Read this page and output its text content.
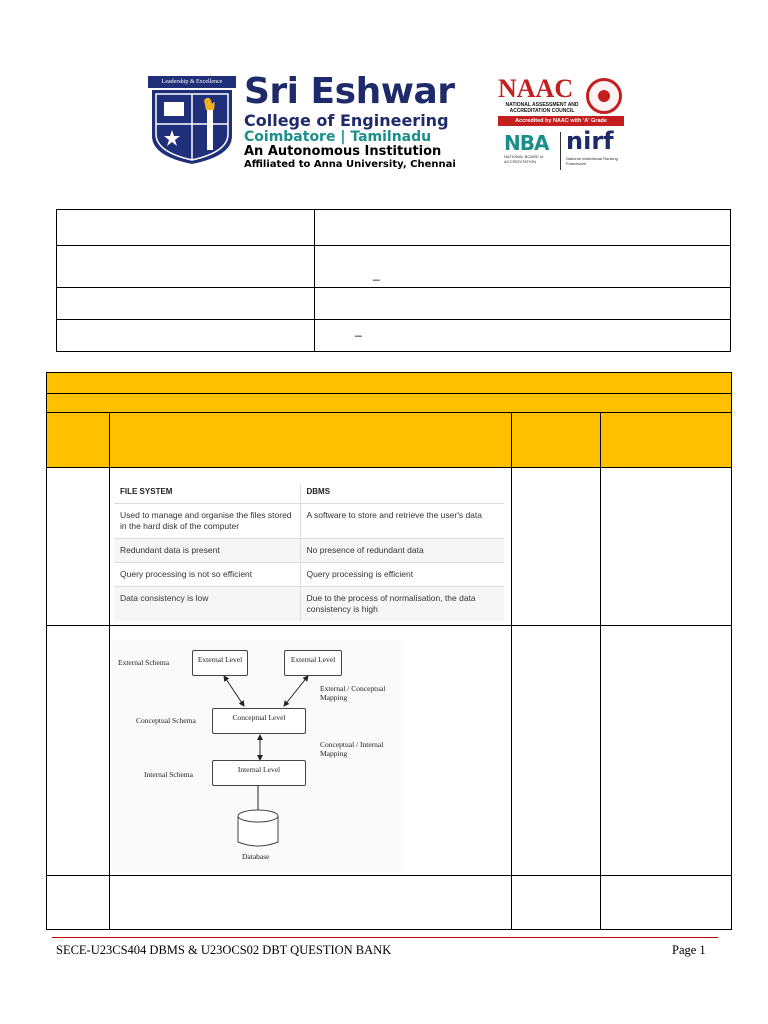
Leadership & Excellence Sri Eshwar
College of Engineering
Coimbatore | Tamilnadu
An Autonomous Institution
Affiliated to Anna University, Chennai
NAAC
NATIONAL ASSESSMENT AND ACCREDITATION COUNCIL
Accredited by NAAC with 'A' Grade
NBA
NATIONAL BOARD of ACCREDITATION
nirf
National Institutional Ranking Framework

	_

	_

FILE SYSTEM	DBMS
Used to manage and organise the files stored in the hard disk of the computer	A software to store and retrieve the user's data
Redundant data is present	No presence of redundant data
Query processing is not so efficient	Query processing is efficient
Data consistency is low	Due to the process of normalisation, the data consistency is high
External Level	External Level
Conceptual Level
Internal Level
External Schema
Conceptual Schema
Internal Schema
External / Conceptual Mapping
Conceptual / Internal Mapping
Database
SECE-U23CS404 DBMS & U23OCS02 DBT QUESTION BANK	Page 1
